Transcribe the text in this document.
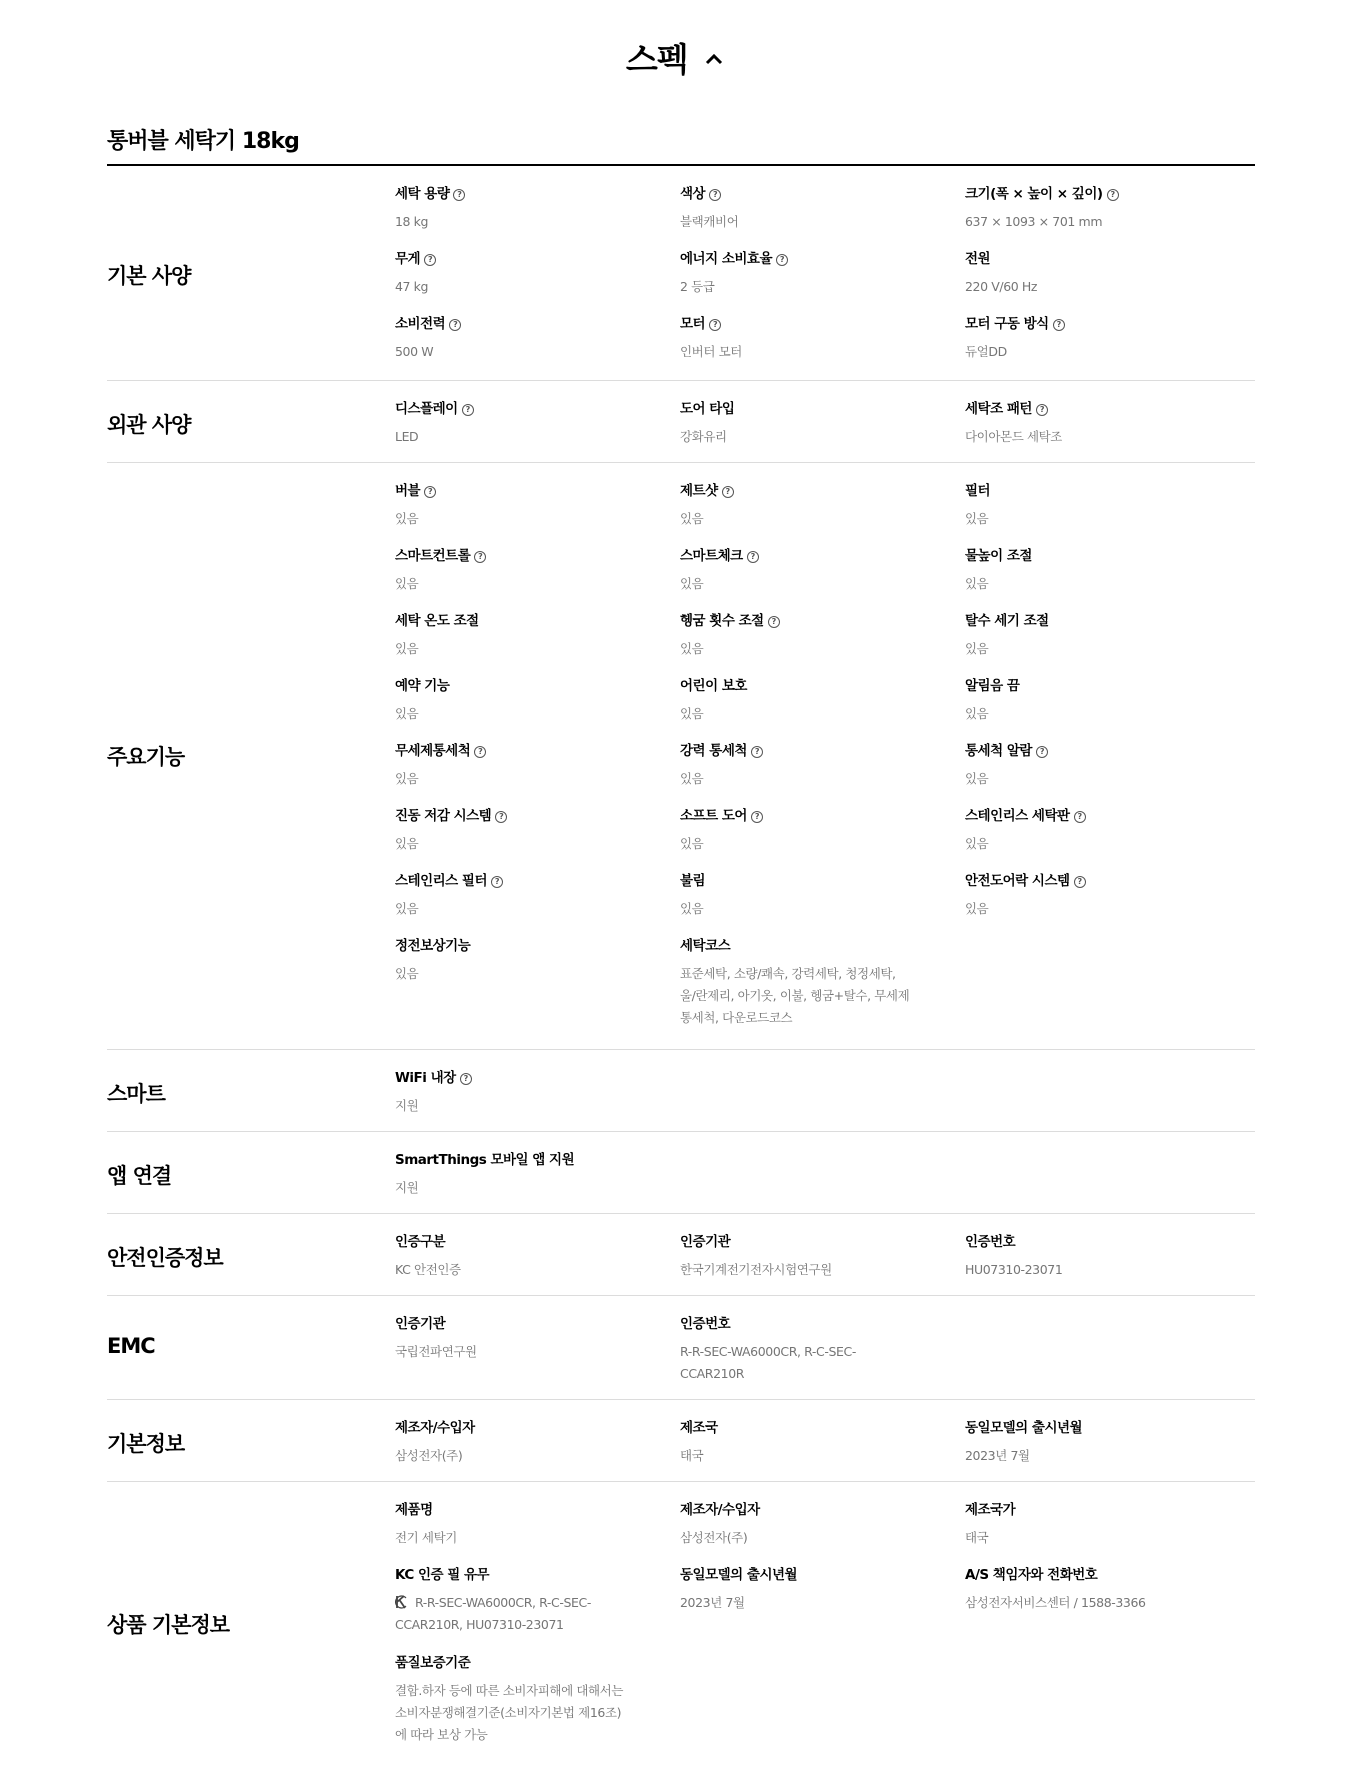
스펙
통버블 세탁기 18kg
기본 사양
외관 사양
주요기능
스마트
앱 연결
안전인증정보
EMC
기본정보
상품 기본정보
세탁 용량 ?
18 kg
색상 ?
블랙캐비어
크기(폭 × 높이 × 깊이) ?
637 × 1093 × 701 mm
무게 ?
47 kg
에너지 소비효율 ?
2 등급
전원
220 V/60 Hz
소비전력 ?
500 W
모터 ?
인버터 모터
모터 구동 방식 ?
듀얼DD
디스플레이 ?
LED
도어 타입
강화유리
세탁조 패턴 ?
다이아몬드 세탁조
버블 ?
있음
제트샷 ?
있음
필터
있음
스마트컨트롤 ?
있음
스마트체크 ?
있음
물높이 조절
있음
세탁 온도 조절
있음
헹굼 횟수 조절 ?
있음
탈수 세기 조절
있음
예약 기능
있음
어린이 보호
있음
알림음 끔
있음
무세제통세척 ?
있음
강력 통세척 ?
있음
통세척 알람 ?
있음
진동 저감 시스템 ?
있음
소프트 도어 ?
있음
스테인리스 세탁판 ?
있음
스테인리스 필터 ?
있음
불림
있음
안전도어락 시스템 ?
있음
정전보상기능
있음
세탁코스
표준세탁, 소량/쾌속, 강력세탁, 청정세탁, 울/란제리, 아기옷, 이불, 헹굼+탈수, 무세제통세척, 다운로드코스
WiFi 내장 ?
지원
SmartThings 모바일 앱 지원
지원
인증구분
KC 안전인증
인증기관
한국기계전기전자시험연구원
인증번호
HU07310-23071
인증기관
국립전파연구원
인증번호
R-R-SEC-WA6000CR, R-C-SEC-CCAR210R
제조자/수입자
삼성전자(주)
제조국
태국
동일모델의 출시년월
2023년 7월
제품명
전기 세탁기
제조자/수입자
삼성전자(주)
제조국가
태국
KC 인증 필 유무
R-R-SEC-WA6000CR, R-C-SEC-CCAR210R, HU07310-23071
동일모델의 출시년월
2023년 7월
A/S 책임자와 전화번호
삼성전자서비스센터 / 1588-3366
품질보증기준
결함.하자 등에 따른 소비자피해에 대해서는 소비자분쟁해결기준(소비자기본법 제16조)에 따라 보상 가능
